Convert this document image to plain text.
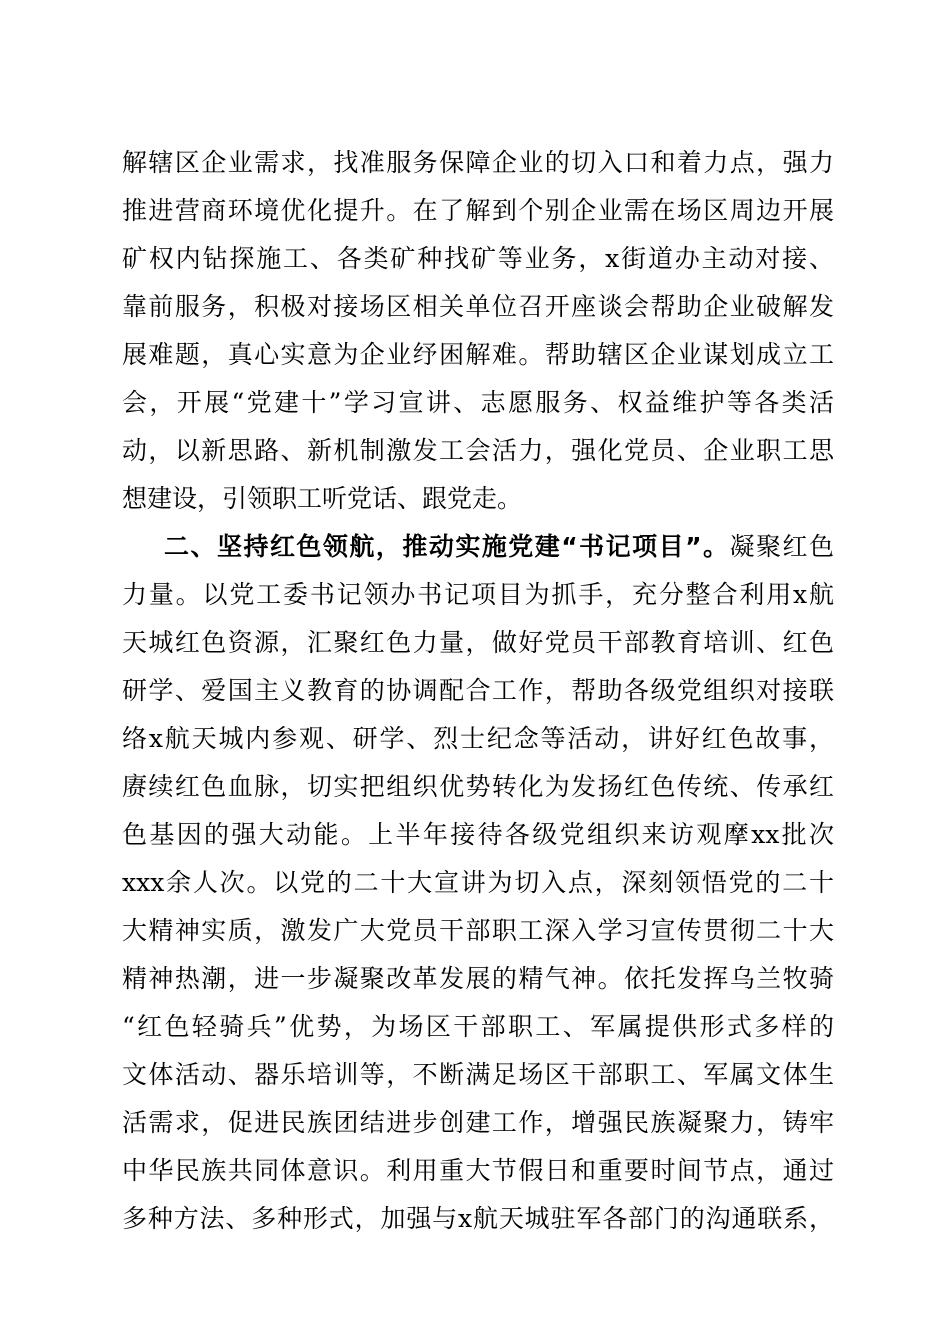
解辖区企业需求，找准服务保障企业的切入口和着力点，强力
推进营商环境优化提升。在了解到个别企业需在场区周边开展
矿权内钻探施工、各类矿种找矿等业务，x街道办主动对接、
靠前服务，积极对接场区相关单位召开座谈会帮助企业破解发
展难题，真心实意为企业纾困解难。帮助辖区企业谋划成立工
会，开展“党建十”学习宣讲、志愿服务、权益维护等各类活
动，以新思路、新机制激发工会活力，强化党员、企业职工思
想建设，引领职工听党话、跟党走。
二、坚持红色领航，推动实施党建“书记项目”。凝聚红色
力量。以党工委书记领办书记项目为抓手，充分整合利用x航
天城红色资源，汇聚红色力量，做好党员干部教育培训、红色
研学、爱国主义教育的协调配合工作，帮助各级党组织对接联
络x航天城内参观、研学、烈士纪念等活动，讲好红色故事，
赓续红色血脉，切实把组织优势转化为发扬红色传统、传承红
色基因的强大动能。上半年接待各级党组织来访观摩xx批次
xxx余人次。以党的二十大宣讲为切入点，深刻领悟党的二十
大精神实质，激发广大党员干部职工深入学习宣传贯彻二十大
精神热潮，进一步凝聚改革发展的精气神。依托发挥乌兰牧骑
“红色轻骑兵”优势，为场区干部职工、军属提供形式多样的
文体活动、器乐培训等，不断满足场区干部职工、军属文体生
活需求，促进民族团结进步创建工作，增强民族凝聚力，铸牢
中华民族共同体意识。利用重大节假日和重要时间节点，通过
多种方法、多种形式，加强与x航天城驻军各部门的沟通联系，
